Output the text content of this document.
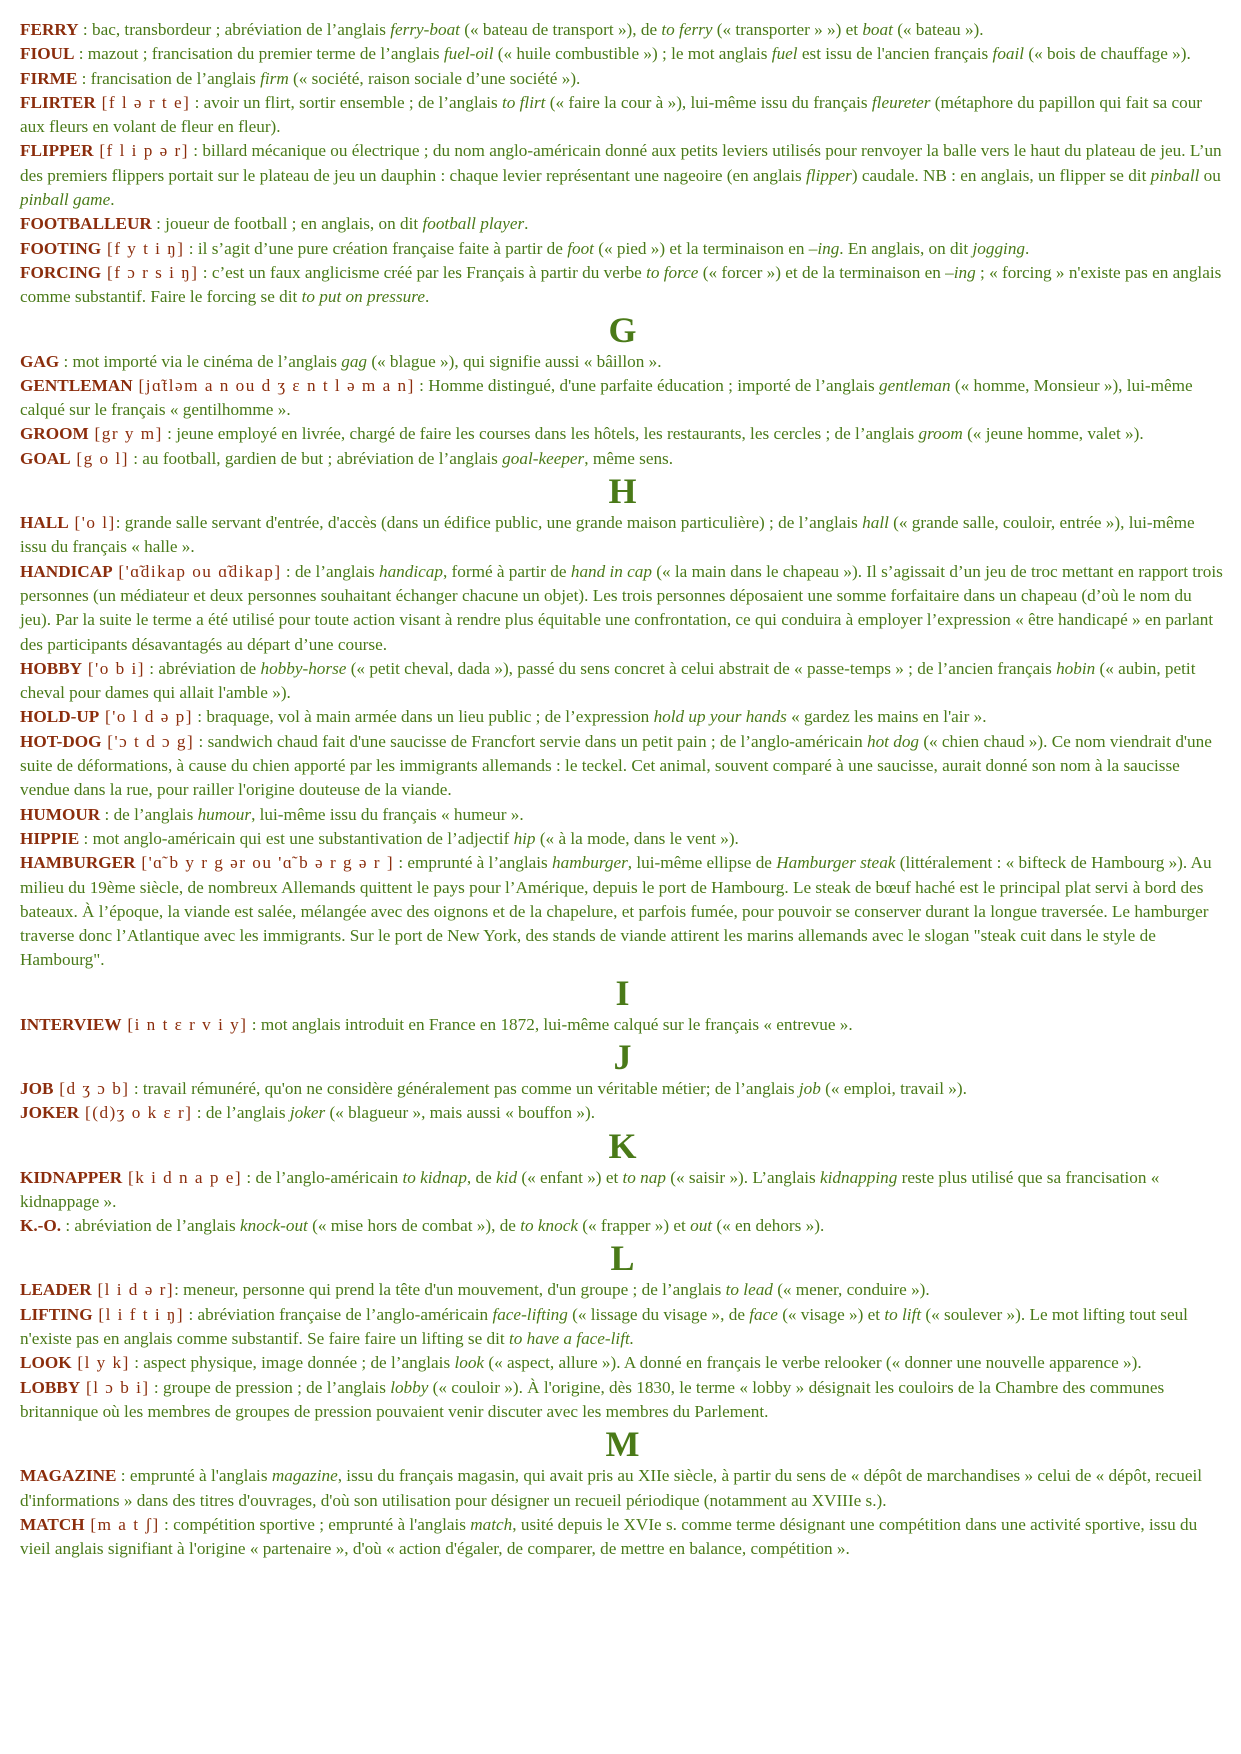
FERRY : bac, transbordeur ; abréviation de l’anglais ferry-boat (« bateau de transport »), de to ferry (« transporter » ») et boat (« bateau »).

FIOUL : mazout ; francisation du premier terme de l’anglais fuel-oil (« huile combustible ») ; le mot anglais fuel est issu de l'ancien français foail (« bois de chauffage »).

FIRME : francisation de l’anglais firm (« société, raison sociale d’une société »).

FLIRTER [f l ə r t e] : avoir un flirt, sortir ensemble ; de l’anglais to flirt (« faire la cour à »), lui-même issu du français fleureter (métaphore du papillon qui fait sa cour aux fleurs en volant de fleur en fleur).

FLIPPER [f l i p ə r] : billard mécanique ou électrique ; du nom anglo-américain donné aux petits leviers utilisés pour renvoyer la balle vers le haut du plateau de jeu. L’un des premiers flippers portait sur le plateau de jeu un dauphin : chaque levier représentant une nageoire (en anglais flipper) caudale. NB : en anglais, un flipper se dit pinball ou pinball game.

FOOTBALLEUR : joueur de football ; en anglais, on dit football player.

FOOTING [f y t i ŋ] : il s’agit d’une pure création française faite à partir de foot (« pied ») et la terminaison en –ing. En anglais, on dit jogging.

FORCING [f ɔ r s i ŋ] : c’est un faux anglicisme créé par les Français à partir du verbe to force (« forcer ») et de la terminaison en –ing ; « forcing » n'existe pas en anglais comme substantif. Faire le forcing se dit to put on pressure.

G

GAG : mot importé via le cinéma de l’anglais gag (« blague »), qui signifie aussi « bâillon ».

GENTLEMAN [jɑ̃tləm a n ou d ʒ ɛ n t l ə m a n] : Homme distingué, d'une parfaite éducation ; importé de l’anglais gentleman (« homme, Monsieur »), lui-même calqué sur le français « gentilhomme ».

GROOM [gr y m] : jeune employé en livrée, chargé de faire les courses dans les hôtels, les restaurants, les cercles ; de l’anglais groom (« jeune homme, valet »).

GOAL [g o l] : au football, gardien de but ; abréviation de l’anglais goal-keeper, même sens.

H

HALL ['o l]: grande salle servant d'entrée, d'accès (dans un édifice public, une grande maison particulière) ; de l’anglais hall (« grande salle, couloir, entrée »), lui-même issu du français « halle ».

HANDICAP ['ɑ̃dikap ou ɑ̃dikap] : de l’anglais handicap, formé à partir de hand in cap (« la main dans le chapeau »). Il s’agissait d’un jeu de troc mettant en rapport trois personnes (un médiateur et deux personnes souhaitant échanger chacune un objet). Les trois personnes déposaient une somme forfaitaire dans un chapeau (d’où le nom du jeu). Par la suite le terme a été utilisé pour toute action visant à rendre plus équitable une confrontation, ce qui conduira à employer l’expression « être handicapé » en parlant des participants désavantagés au départ d’une course.

HOBBY ['o b i] : abréviation de hobby-horse (« petit cheval, dada »), passé du sens concret à celui abstrait de « passe-temps » ; de l’ancien français hobin (« aubin, petit cheval pour dames qui allait l'amble »).

HOLD-UP ['o l d ə p] : braquage, vol à main armée dans un lieu public ; de l’expression hold up your hands « gardez les mains en l'air ».

HOT-DOG ['ɔ t d ɔ g] : sandwich chaud fait d'une saucisse de Francfort servie dans un petit pain ; de l’anglo-américain hot dog (« chien chaud »). Ce nom viendrait d'une suite de déformations, à cause du chien apporté par les immigrants allemands : le teckel. Cet animal, souvent comparé à une saucisse, aurait donné son nom à la saucisse vendue dans la rue, pour railler l'origine douteuse de la viande.

HUMOUR : de l’anglais humour, lui-même issu du français « humeur ».

HIPPIE : mot anglo-américain qui est une substantivation de l’adjectif hip (« à la mode, dans le vent »).

HAMBURGER ['ɑ̃ b y r g ər ou 'ɑ̃ b ə r g ə r ] : emprunté à l’anglais hamburger, lui-même ellipse de Hamburger steak (littéralement : « bifteck de Hambourg »). Au milieu du 19ème siècle, de nombreux Allemands quittent le pays pour l’Amérique, depuis le port de Hambourg. Le steak de bœuf haché est le principal plat servi à bord des bateaux. À l’époque, la viande est salée, mélangée avec des oignons et de la chapelure, et parfois fumée, pour pouvoir se conserver durant la longue traversée. Le hamburger traverse donc l’Atlantique avec les immigrants. Sur le port de New York, des stands de viande attirent les marins allemands avec le slogan "steak cuit dans le style de Hambourg".

I

INTERVIEW [i n t ɛ r v i y] : mot anglais introduit en France en 1872, lui-même calqué sur le français « entrevue ».

J

JOB [d ʒ ɔ b] : travail rémunéré, qu'on ne considère généralement pas comme un véritable métier; de l’anglais job (« emploi, travail »).

JOKER [(d)ʒ o k ɛ r] : de l’anglais joker (« blagueur », mais aussi « bouffon »).

K

KIDNAPPER [k i d n a p e] : de l’anglo-américain to kidnap, de kid (« enfant ») et to nap (« saisir »). L’anglais kidnapping reste plus utilisé que sa francisation « kidnappage ».

K.-O. : abréviation de l’anglais knock-out (« mise hors de combat »), de to knock (« frapper ») et out (« en dehors »).

L

LEADER [l i d ə r]: meneur, personne qui prend la tête d'un mouvement, d'un groupe ; de l’anglais to lead (« mener, conduire »).

LIFTING [l i f t i ŋ] : abréviation française de l’anglo-américain face-lifting (« lissage du visage », de face (« visage ») et to lift (« soulever »). Le mot lifting tout seul n'existe pas en anglais comme substantif. Se faire faire un lifting se dit to have a face-lift.

LOOK [l y k] : aspect physique, image donnée ; de l’anglais look (« aspect, allure »). A donné en français le verbe relooker (« donner une nouvelle apparence »).

LOBBY [l ɔ b i] : groupe de pression ; de l’anglais lobby (« couloir »). À l'origine, dès 1830, le terme « lobby » désignait les couloirs de la Chambre des communes britannique où les membres de groupes de pression pouvaient venir discuter avec les membres du Parlement.

M

MAGAZINE : emprunté à l'anglais magazine, issu du français magasin, qui avait pris au XIIe siècle, à partir du sens de « dépôt de marchandises » celui de « dépôt, recueil d'informations » dans des titres d'ouvrages, d'où son utilisation pour désigner un recueil périodique (notamment au XVIIIe s.).

MATCH [m a t ʃ] : compétition sportive ; emprunté à l'anglais match, usité depuis le XVIe s. comme terme désignant une compétition dans une activité sportive, issu du vieil anglais signifiant à l'origine « partenaire », d'où « action d'égaler, de comparer, de mettre en balance, compétition ».
